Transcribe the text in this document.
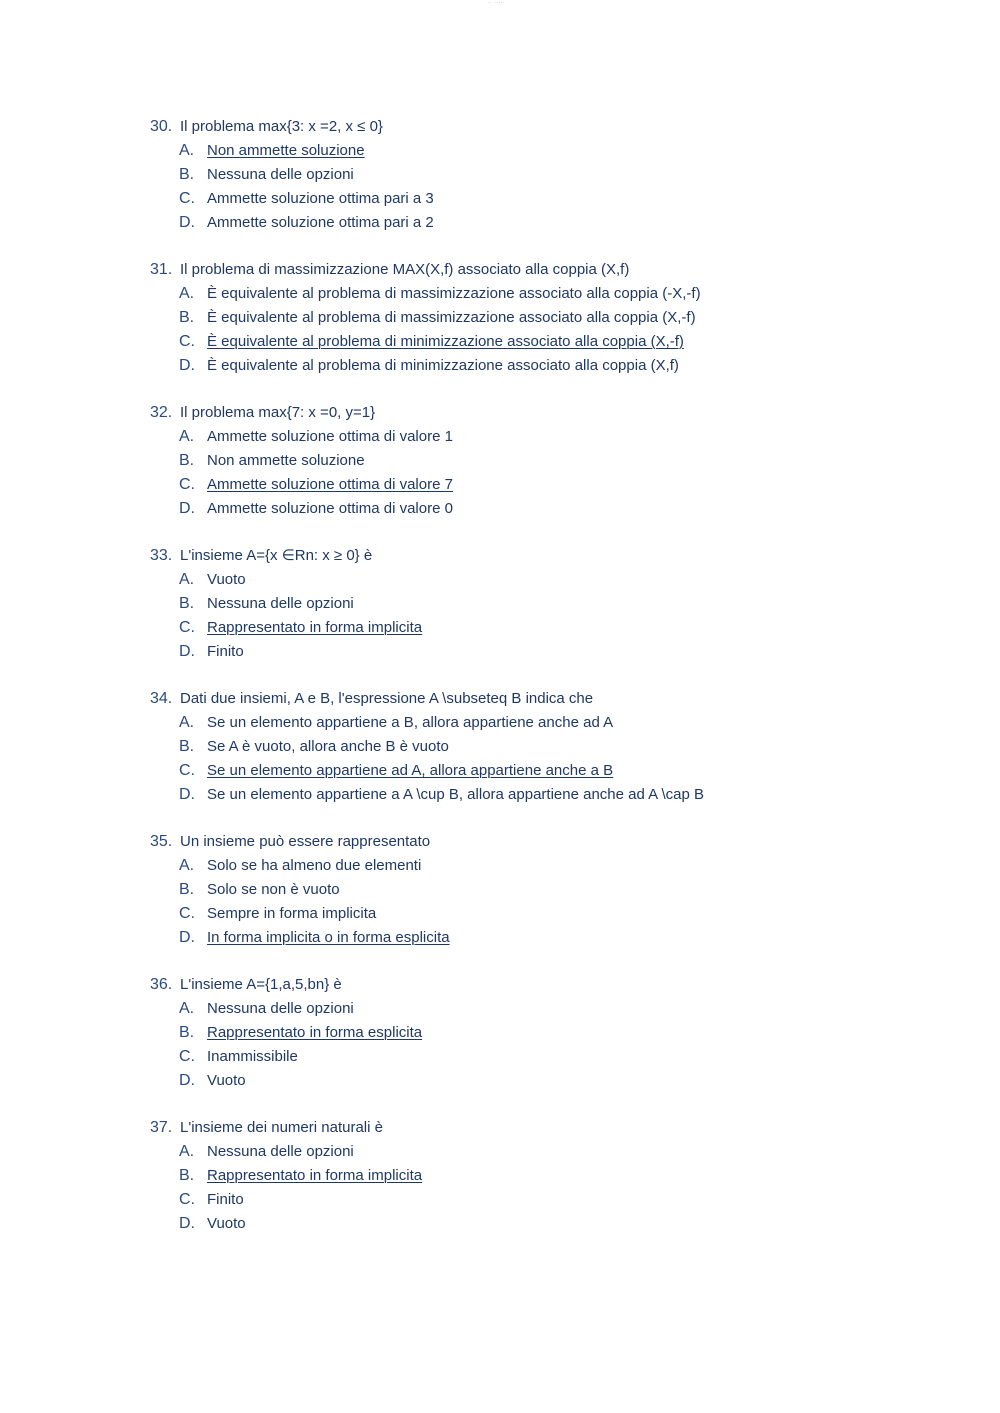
·· ·····
30. Il problema max{3: x =2, x ≤ 0}
A. Non ammette soluzione
B. Nessuna delle opzioni
C. Ammette soluzione ottima pari a 3
D. Ammette soluzione ottima pari a 2
31. Il problema di massimizzazione MAX(X,f) associato alla coppia (X,f)
A. È equivalente al problema di massimizzazione associato alla coppia (-X,-f)
B. È equivalente al problema di massimizzazione associato alla coppia (X,-f)
C. È equivalente al problema di minimizzazione associato alla coppia (X,-f)
D. È equivalente al problema di minimizzazione associato alla coppia (X,f)
32. Il problema max{7: x =0, y=1}
A. Ammette soluzione ottima di valore 1
B. Non ammette soluzione
C. Ammette soluzione ottima di valore 7
D. Ammette soluzione ottima di valore 0
33. L'insieme A={x ∈Rn: x ≥ 0} è
A. Vuoto
B. Nessuna delle opzioni
C. Rappresentato in forma implicita
D. Finito
34. Dati due insiemi, A e B, l'espressione A \subseteq B indica che
A. Se un elemento appartiene a B, allora appartiene anche ad A
B. Se A è vuoto, allora anche B è vuoto
C. Se un elemento appartiene ad A, allora appartiene anche a B
D. Se un elemento appartiene a A \cup B, allora appartiene anche ad A \cap B
35. Un insieme può essere rappresentato
A. Solo se ha almeno due elementi
B. Solo se non è vuoto
C. Sempre in forma implicita
D. In forma implicita o in forma esplicita
36. L'insieme A={1,a,5,bn} è
A. Nessuna delle opzioni
B. Rappresentato in forma esplicita
C. Inammissibile
D. Vuoto
37. L'insieme dei numeri naturali è
A. Nessuna delle opzioni
B. Rappresentato in forma implicita
C. Finito
D. Vuoto
